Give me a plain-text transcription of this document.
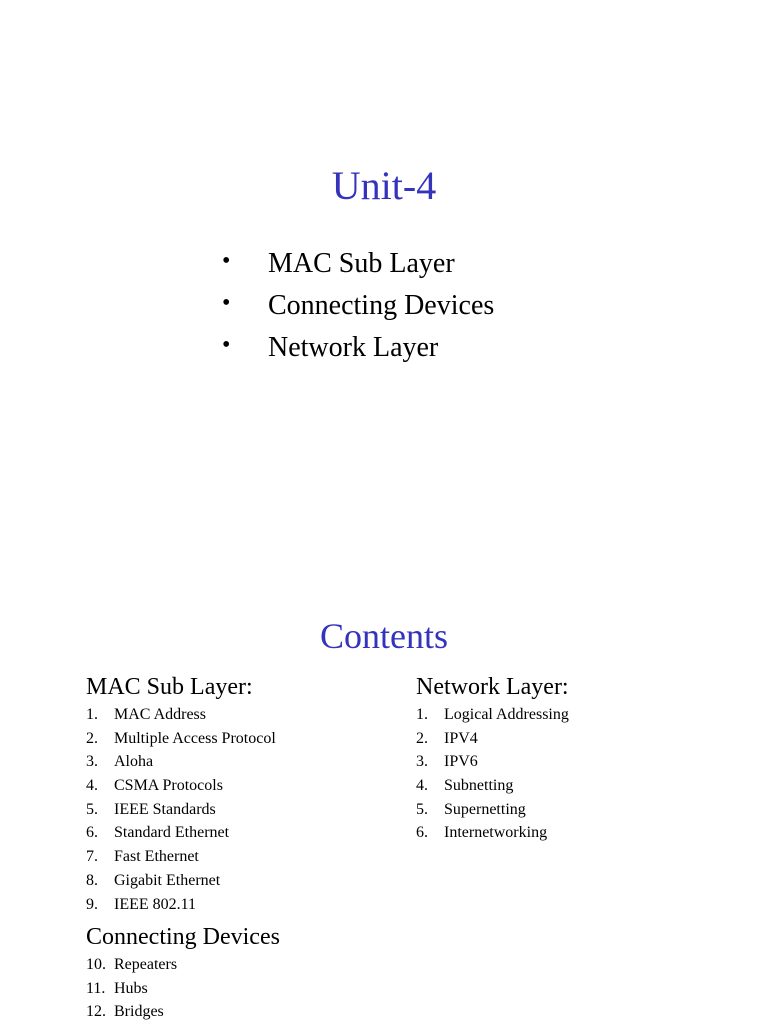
Unit-4
• MAC Sub Layer
• Connecting Devices
• Network Layer
Contents
MAC Sub Layer:
1. MAC Address
2. Multiple Access Protocol
3. Aloha
4. CSMA Protocols
5. IEEE Standards
6. Standard Ethernet
7. Fast Ethernet
8. Gigabit Ethernet
9. IEEE 802.11
Connecting Devices
10. Repeaters
11. Hubs
12. Bridges
Network Layer:
1. Logical Addressing
2. IPV4
3. IPV6
4. Subnetting
5. Supernetting
6. Internetworking
